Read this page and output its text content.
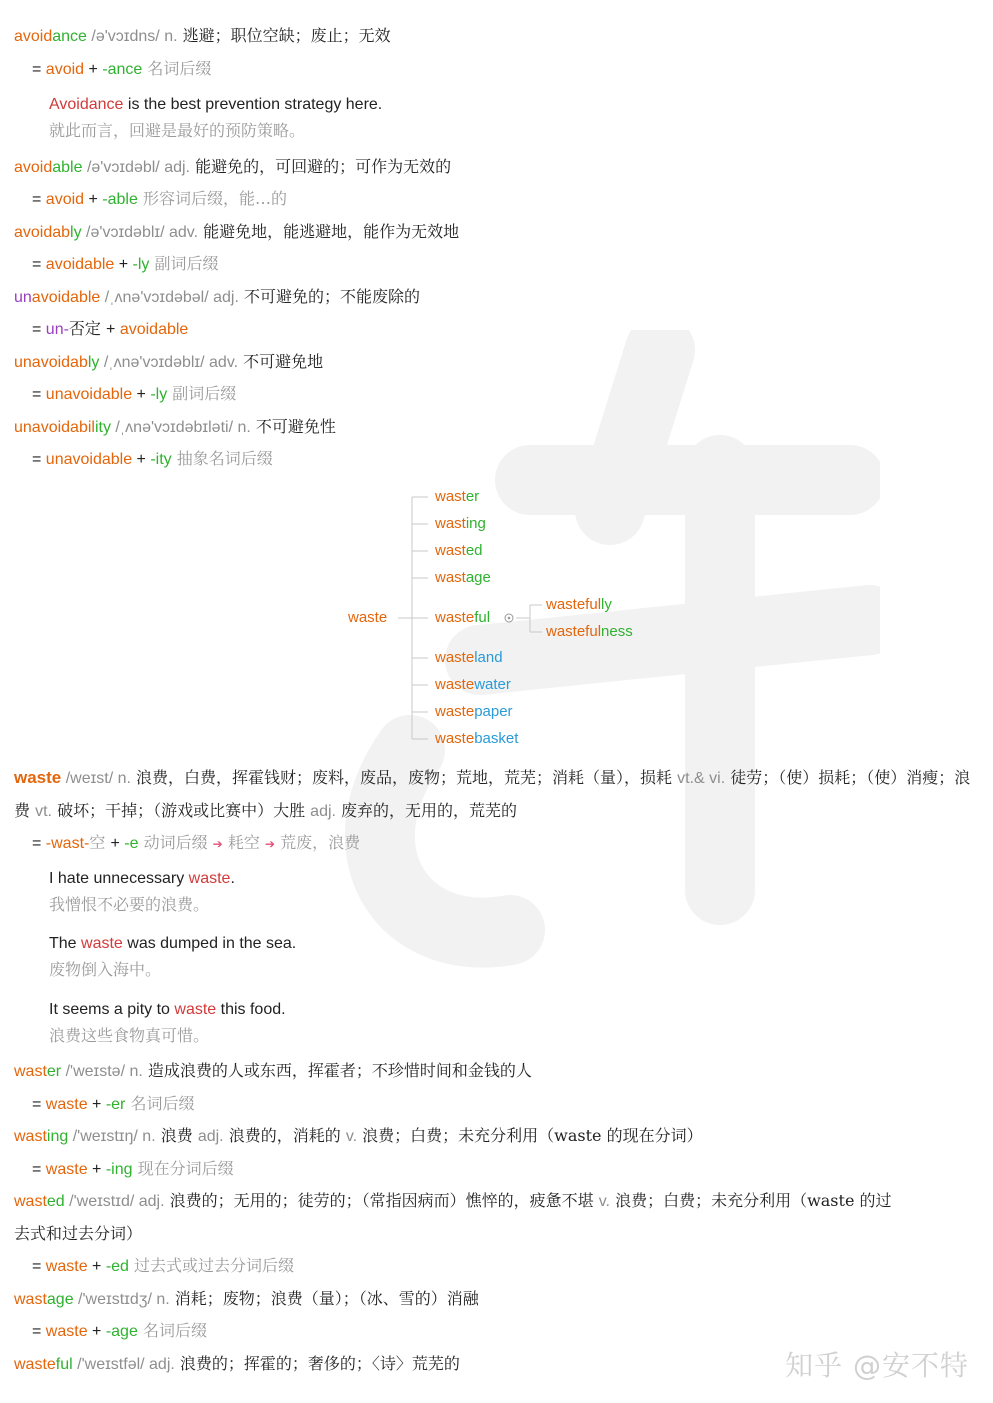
avoidance /ə'vɔɪdns/ n. 逃避；职位空缺；废止；无效
= avoid + -ance 名词后缀
Avoidance is the best prevention strategy here.
就此而言，回避是最好的预防策略。
avoidable /ə'vɔɪdəbl/ adj. 能避免的，可回避的；可作为无效的
= avoid + -able 形容词后缀，能…的
avoidably /ə'vɔɪdəblɪ/ adv. 能避免地，能逃避地，能作为无效地
= avoidable + -ly 副词后缀
unavoidable /ˌʌnə'vɔɪdəbəl/ adj. 不可避免的；不能废除的
= un-否定 + avoidable
unavoidably /ˌʌnə'vɔɪdəblɪ/ adv. 不可避免地
= unavoidable + -ly 副词后缀
unavoidability /ˌʌnə'vɔɪdəbɪləti/ n. 不可避免性
= unavoidable + -ity 抽象名词后缀
waste
waster
wasting
wasted
wastage
wasteful
wasteland
wastewater
wastepaper
wastebasket
wastefully
wastefulness
waste /weɪst/ n. 浪费，白费，挥霍钱财；废料，废品，废物；荒地，荒芜；消耗（量），损耗 vt.& vi. 徒劳；（使）损耗；（使）消瘦；浪费 vt. 破坏；干掉；（游戏或比赛中）大胜 adj. 废弃的，无用的，荒芜的
= -wast-空 + -e 动词后缀 ➔ 耗空 ➔ 荒废，浪费
I hate unnecessary waste.
我憎恨不必要的浪费。
The waste was dumped in the sea.
废物倒入海中。
It seems a pity to waste this food.
浪费这些食物真可惜。
waster /'weɪstə/ n. 造成浪费的人或东西，挥霍者；不珍惜时间和金钱的人
= waste + -er 名词后缀
wasting /'weɪstɪŋ/ n. 浪费 adj. 浪费的，消耗的 v. 浪费；白费；未充分利用（waste 的现在分词）
= waste + -ing 现在分词后缀
wasted /'weɪstɪd/ adj. 浪费的；无用的；徒劳的；（常指因病而）憔悴的，疲惫不堪 v. 浪费；白费；未充分利用（waste 的过
去式和过去分词）
= waste + -ed 过去式或过去分词后缀
wastage /'weɪstɪdʒ/ n. 消耗；废物；浪费（量）；（冰、雪的）消融
= waste + -age 名词后缀
wasteful /'weɪstfəl/ adj. 浪费的；挥霍的；奢侈的；〈诗〉荒芜的	知乎 @安不特
